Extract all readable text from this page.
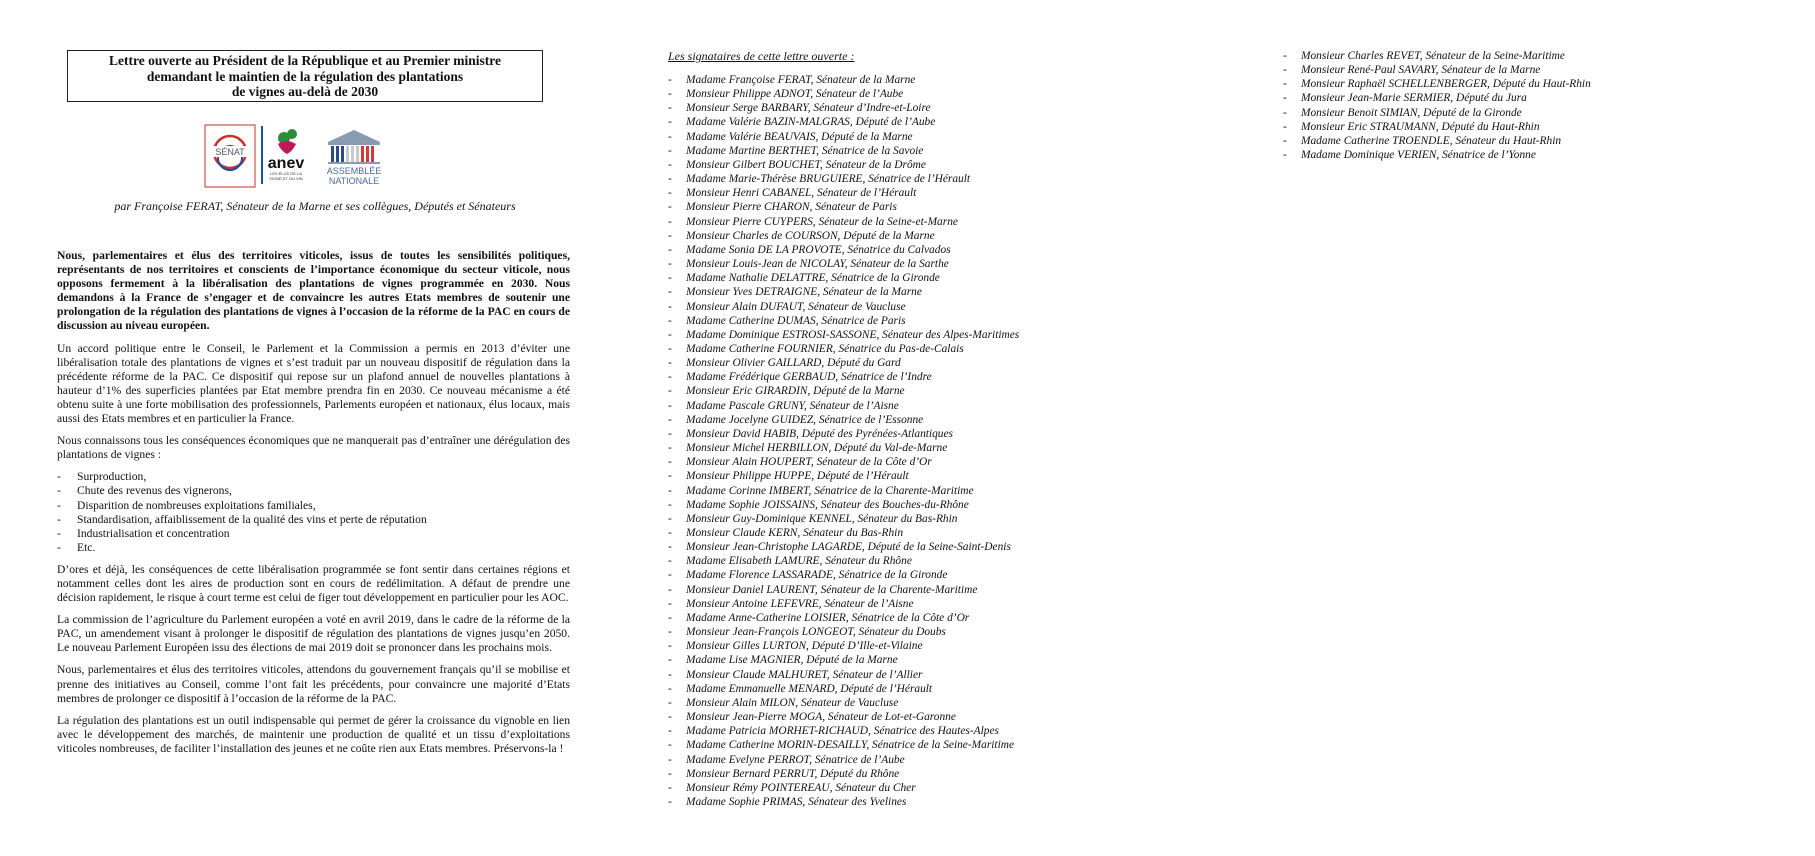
Lettre ouverte au Président de la République et au Premier ministre
demandant le maintien de la régulation des plantations
de vignes au-delà de 2030
SÉNAT
anev
LES ÉLUS DE LA
VIGNE ET DU VIN
ASSEMBLÉE
NATIONALE
par Françoise FERAT, Sénateur de la Marne et ses collègues, Députés et Sénateurs

Nous, parlementaires et élus des territoires viticoles, issus de toutes les sensibilités politiques, représentants de nos territoires et conscients de l’importance économique du secteur viticole, nous opposons fermement à la libéralisation des plantations de vignes programmée en 2030. Nous demandons à la France de s’engager et de convaincre les autres Etats membres de soutenir une prolongation de la régulation des plantations de vignes à l’occasion de la réforme de la PAC en cours de discussion au niveau européen.

Un accord politique entre le Conseil, le Parlement et la Commission a permis en 2013 d’éviter une libéralisation totale des plantations de vignes et s’est traduit par un nouveau dispositif de régulation dans la précédente réforme de la PAC. Ce dispositif qui repose sur un plafond annuel de nouvelles plantations à hauteur d’1% des superficies plantées par Etat membre prendra fin en 2030. Ce nouveau mécanisme a été obtenu suite à une forte mobilisation des professionnels, Parlements européen et nationaux, élus locaux, mais aussi des Etats membres et en particulier la France.

Nous connaissons tous les conséquences économiques que ne manquerait pas d’entraîner une dérégulation des plantations de vignes :

- Surproduction,
- Chute des revenus des vignerons,
- Disparition de nombreuses exploitations familiales,
- Standardisation, affaiblissement de la qualité des vins et perte de réputation
- Industrialisation et concentration
- Etc.

D’ores et déjà, les conséquences de cette libéralisation programmée se font sentir dans certaines régions et notamment celles dont les aires de production sont en cours de redélimitation. A défaut de prendre une décision rapidement, le risque à court terme est celui de figer tout développement en particulier pour les AOC.

La commission de l’agriculture du Parlement européen a voté en avril 2019, dans le cadre de la réforme de la PAC, un amendement visant à prolonger le dispositif de régulation des plantations de vignes jusqu’en 2050. Le nouveau Parlement Européen issu des élections de mai 2019 doit se prononcer dans les prochains mois.

Nous, parlementaires et élus des territoires viticoles, attendons du gouvernement français qu’il se mobilise et prenne des initiatives au Conseil, comme l’ont fait les précédents, pour convaincre une majorité d’Etats membres de prolonger ce dispositif à l’occasion de la réforme de la PAC.

La régulation des plantations est un outil indispensable qui permet de gérer la croissance du vignoble en lien avec le développement des marchés, de maintenir une production de qualité et un tissu d’exploitations viticoles nombreuses, de faciliter l’installation des jeunes et ne coûte rien aux Etats membres. Préservons-la !

Les signataires de cette lettre ouverte :
- Madame Françoise FERAT, Sénateur de la Marne
- Monsieur Philippe ADNOT, Sénateur de l’Aube
- Monsieur Serge BARBARY, Sénateur d’Indre-et-Loire
- Madame Valérie BAZIN-MALGRAS, Député de l’Aube
- Madame Valérie BEAUVAIS, Député de la Marne
- Madame Martine BERTHET, Sénatrice de la Savoie
- Monsieur Gilbert BOUCHET, Sénateur de la Drôme
- Madame Marie-Thérèse BRUGUIERE, Sénatrice de l’Hérault
- Monsieur Henri CABANEL, Sénateur de l’Hérault
- Monsieur Pierre CHARON, Sénateur de Paris
- Monsieur Pierre CUYPERS, Sénateur de la Seine-et-Marne
- Monsieur Charles de COURSON, Député de la Marne
- Madame Sonia DE LA PROVOTE, Sénatrice du Calvados
- Monsieur Louis-Jean de NICOLAY, Sénateur de la Sarthe
- Madame Nathalie DELATTRE, Sénatrice de la Gironde
- Monsieur Yves DETRAIGNE, Sénateur de la Marne
- Monsieur Alain DUFAUT, Sénateur de Vaucluse
- Madame Catherine DUMAS, Sénatrice de Paris
- Madame Dominique ESTROSI-SASSONE, Sénateur des Alpes-Maritimes
- Madame Catherine FOURNIER, Sénatrice du Pas-de-Calais
- Monsieur Olivier GAILLARD, Député du Gard
- Madame Frédérique GERBAUD, Sénatrice de l’Indre
- Monsieur Eric GIRARDIN, Député de la Marne
- Madame Pascale GRUNY, Sénateur de l’Aisne
- Madame Jocelyne GUIDEZ, Sénatrice de l’Essonne
- Monsieur David HABIB, Député des Pyrénées-Atlantiques
- Monsieur Michel HERBILLON, Député du Val-de-Marne
- Monsieur Alain HOUPERT, Sénateur de la Côte d’Or
- Monsieur Philippe HUPPE, Député de l’Hérault
- Madame Corinne IMBERT, Sénatrice de la Charente-Maritime
- Madame Sophie JOISSAINS, Sénateur des Bouches-du-Rhône
- Monsieur Guy-Dominique KENNEL, Sénateur du Bas-Rhin
- Monsieur Claude KERN, Sénateur du Bas-Rhin
- Monsieur Jean-Christophe LAGARDE, Député de la Seine-Saint-Denis
- Madame Elisabeth LAMURE, Sénateur du Rhône
- Madame Florence LASSARADE, Sénatrice de la Gironde
- Monsieur Daniel LAURENT, Sénateur de la Charente-Maritime
- Monsieur Antoine LEFEVRE, Sénateur de l’Aisne
- Madame Anne-Catherine LOISIER, Sénatrice de la Côte d’Or
- Monsieur Jean-François LONGEOT, Sénateur du Doubs
- Monsieur Gilles LURTON, Député D’Ille-et-Vilaine
- Madame Lise MAGNIER, Député de la Marne
- Monsieur Claude MALHURET, Sénateur de l’Allier
- Madame Emmanuelle MENARD, Député de l’Hérault
- Monsieur Alain MILON, Sénateur de Vaucluse
- Monsieur Jean-Pierre MOGA, Sénateur de Lot-et-Garonne
- Madame Patricia MORHET-RICHAUD, Sénatrice des Hautes-Alpes
- Madame Catherine MORIN-DESAILLY, Sénatrice de la Seine-Maritime
- Madame Evelyne PERROT, Sénatrice de l’Aube
- Monsieur Bernard PERRUT, Député du Rhône
- Monsieur Rémy POINTEREAU, Sénateur du Cher
- Madame Sophie PRIMAS, Sénateur des Yvelines
- Monsieur Charles REVET, Sénateur de la Seine-Maritime
- Monsieur René-Paul SAVARY, Sénateur de la Marne
- Monsieur Raphaël SCHELLENBERGER, Député du Haut-Rhin
- Monsieur Jean-Marie SERMIER, Député du Jura
- Monsieur Benoit SIMIAN, Député de la Gironde
- Monsieur Eric STRAUMANN, Député du Haut-Rhin
- Madame Catherine TROENDLE, Sénateur du Haut-Rhin
- Madame Dominique VERIEN, Sénatrice de l’Yonne
